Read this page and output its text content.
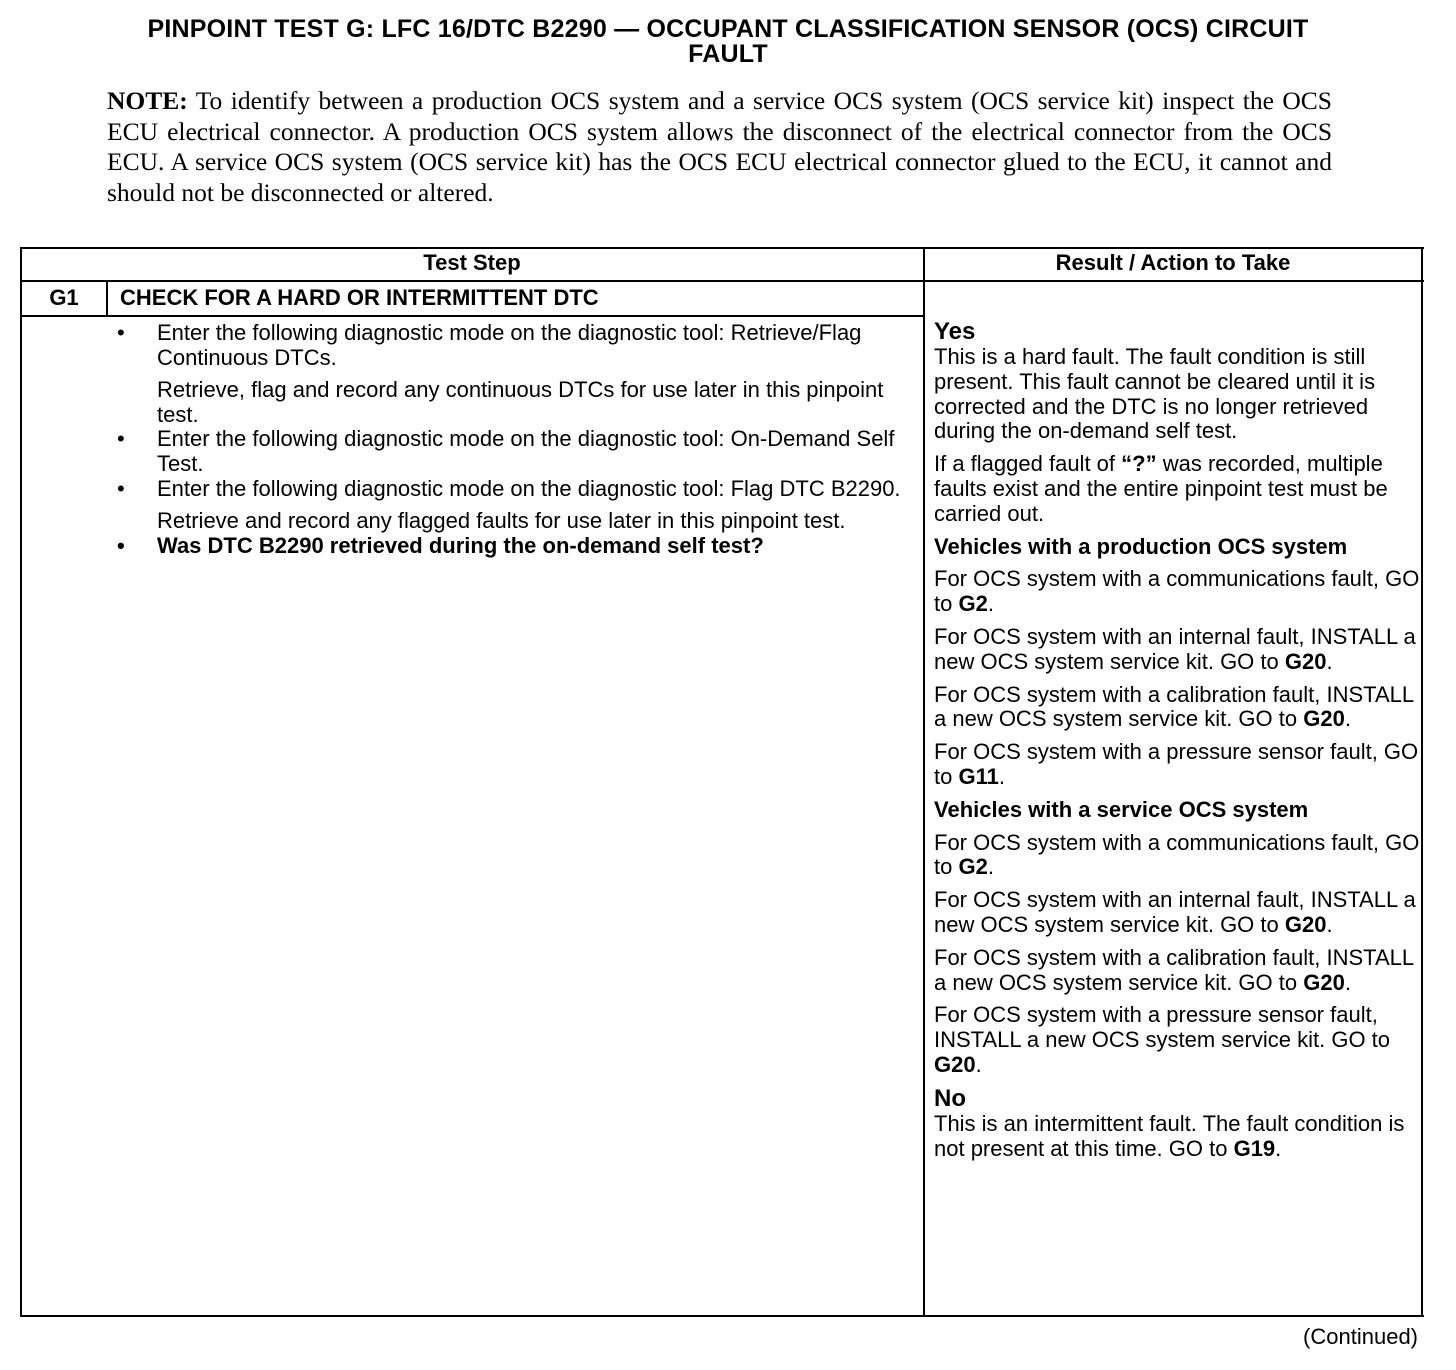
PINPOINT TEST G: LFC 16/DTC B2290 — OCCUPANT CLASSIFICATION SENSOR (OCS) CIRCUIT
FAULT
NOTE: To identify between a production OCS system and a service OCS system (OCS service kit) inspect the OCS ECU electrical connector. A production OCS system allows the disconnect of the electrical connector from the OCS ECU. A service OCS system (OCS service kit) has the OCS ECU electrical connector glued to the ECU, it cannot and should not be disconnected or altered.
Test Step	Result / Action to Take
G1	CHECK FOR A HARD OR INTERMITTENT DTC
• Enter the following diagnostic mode on the diagnostic tool: Retrieve/Flag Continuous DTCs.
Retrieve, flag and record any continuous DTCs for use later in this pinpoint test.
• Enter the following diagnostic mode on the diagnostic tool: On-Demand Self Test.
• Enter the following diagnostic mode on the diagnostic tool: Flag DTC B2290.
Retrieve and record any flagged faults for use later in this pinpoint test.
• Was DTC B2290 retrieved during the on-demand self test?

Yes

This is a hard fault. The fault condition is still present. This fault cannot be cleared until it is corrected and the DTC is no longer retrieved during the on-demand self test.

If a flagged fault of “?” was recorded, multiple faults exist and the entire pinpoint test must be carried out.

Vehicles with a production OCS system

For OCS system with a communications fault, GO to G2.

For OCS system with an internal fault, INSTALL a new OCS system service kit. GO to G20.

For OCS system with a calibration fault, INSTALL a new OCS system service kit. GO to G20.

For OCS system with a pressure sensor fault, GO to G11.

Vehicles with a service OCS system

For OCS system with a communications fault, GO to G2.

For OCS system with an internal fault, INSTALL a new OCS system service kit. GO to G20.

For OCS system with a calibration fault, INSTALL a new OCS system service kit. GO to G20.

For OCS system with a pressure sensor fault, INSTALL a new OCS system service kit. GO to G20.

No

This is an intermittent fault. The fault condition is not present at this time. GO to G19.

(Continued)
